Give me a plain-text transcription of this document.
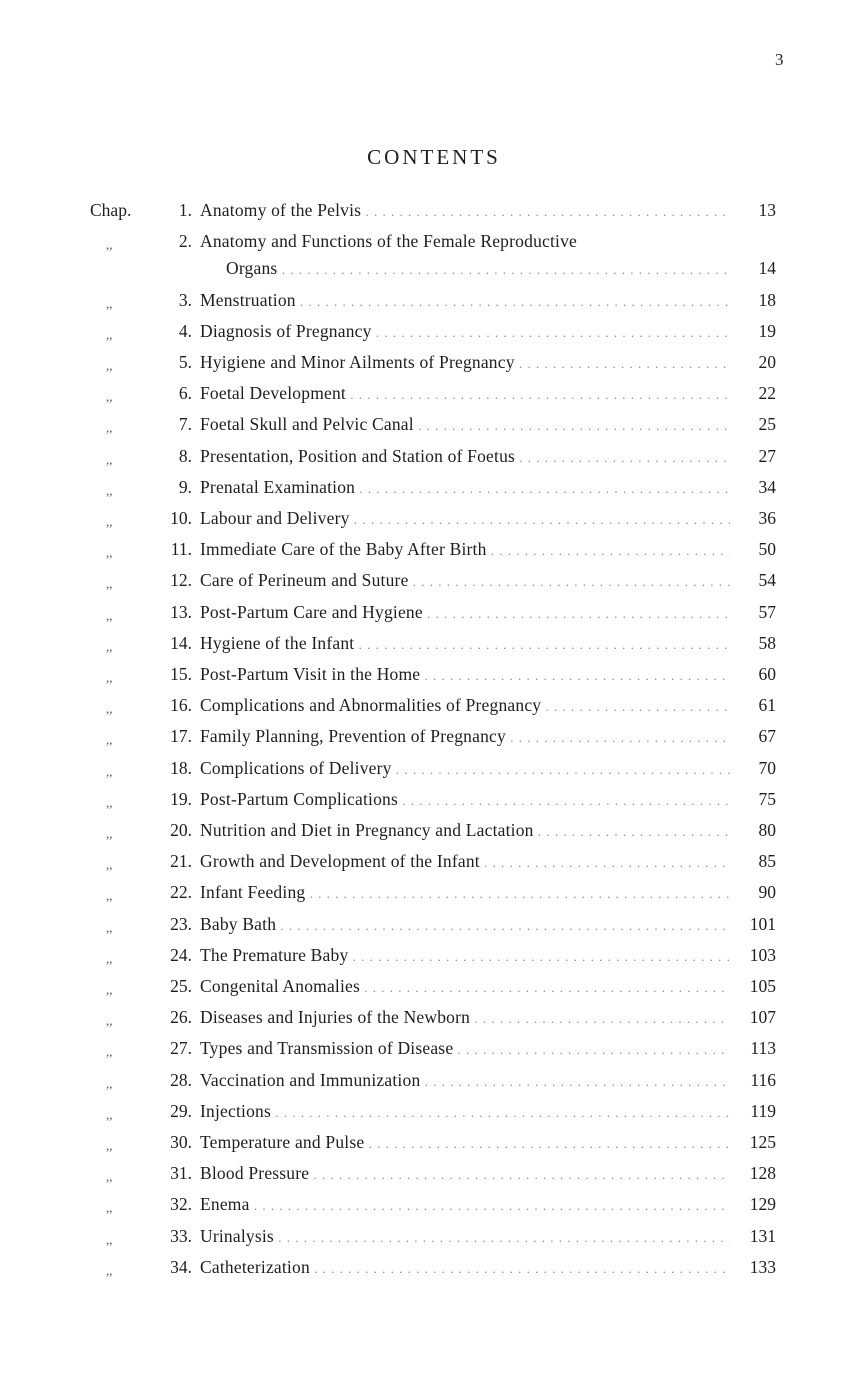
3
CONTENTS
Chap.	1. Anatomy of the Pelvis . . .	13
,,	2. Anatomy and Functions of the Female Reproductive
Organs . . .	14
,,	3. Menstruation . . .	18
,,	4. Diagnosis of Pregnancy . . .	19
,,	5. Hyigiene and Minor Ailments of Pregnancy . . .	20
,,	6. Foetal Development . . .	22
,,	7. Foetal Skull and Pelvic Canal . . .	25
,,	8. Presentation, Position and Station of Foetus . . .	27
,,	9. Prenatal Examination . . .	34
,,	10. Labour and Delivery . . .	36
,,	11. Immediate Care of the Baby After Birth . . .	50
,,	12. Care of Perineum and Suture . . .	54
,,	13. Post-Partum Care and Hygiene . . .	57
,,	14. Hygiene of the Infant . . .	58
,,	15. Post-Partum Visit in the Home . . .	60
,,	16. Complications and Abnormalities of Pregnancy . . .	61
,,	17. Family Planning, Prevention of Pregnancy . . .	67
,,	18. Complications of Delivery . . .	70
,,	19. Post-Partum Complications . . .	75
,,	20. Nutrition and Diet in Pregnancy and Lactation . . .	80
,,	21. Growth and Development of the Infant . . .	85
,,	22. Infant Feeding . . .	90
,,	23. Baby Bath . . .	101
,,	24. The Premature Baby . . .	103
,,	25. Congenital Anomalies . . .	105
,,	26. Diseases and Injuries of the Newborn . . .	107
,,	27. Types and Transmission of Disease . . .	113
,,	28. Vaccination and Immunization . . .	116
,,	29. Injections . . .	119
,,	30. Temperature and Pulse . . .	125
,,	31. Blood Pressure . . .	128
,,	32. Enema . . .	129
,,	33. Urinalysis . . .	131
,,	34. Catheterization . . .	133
